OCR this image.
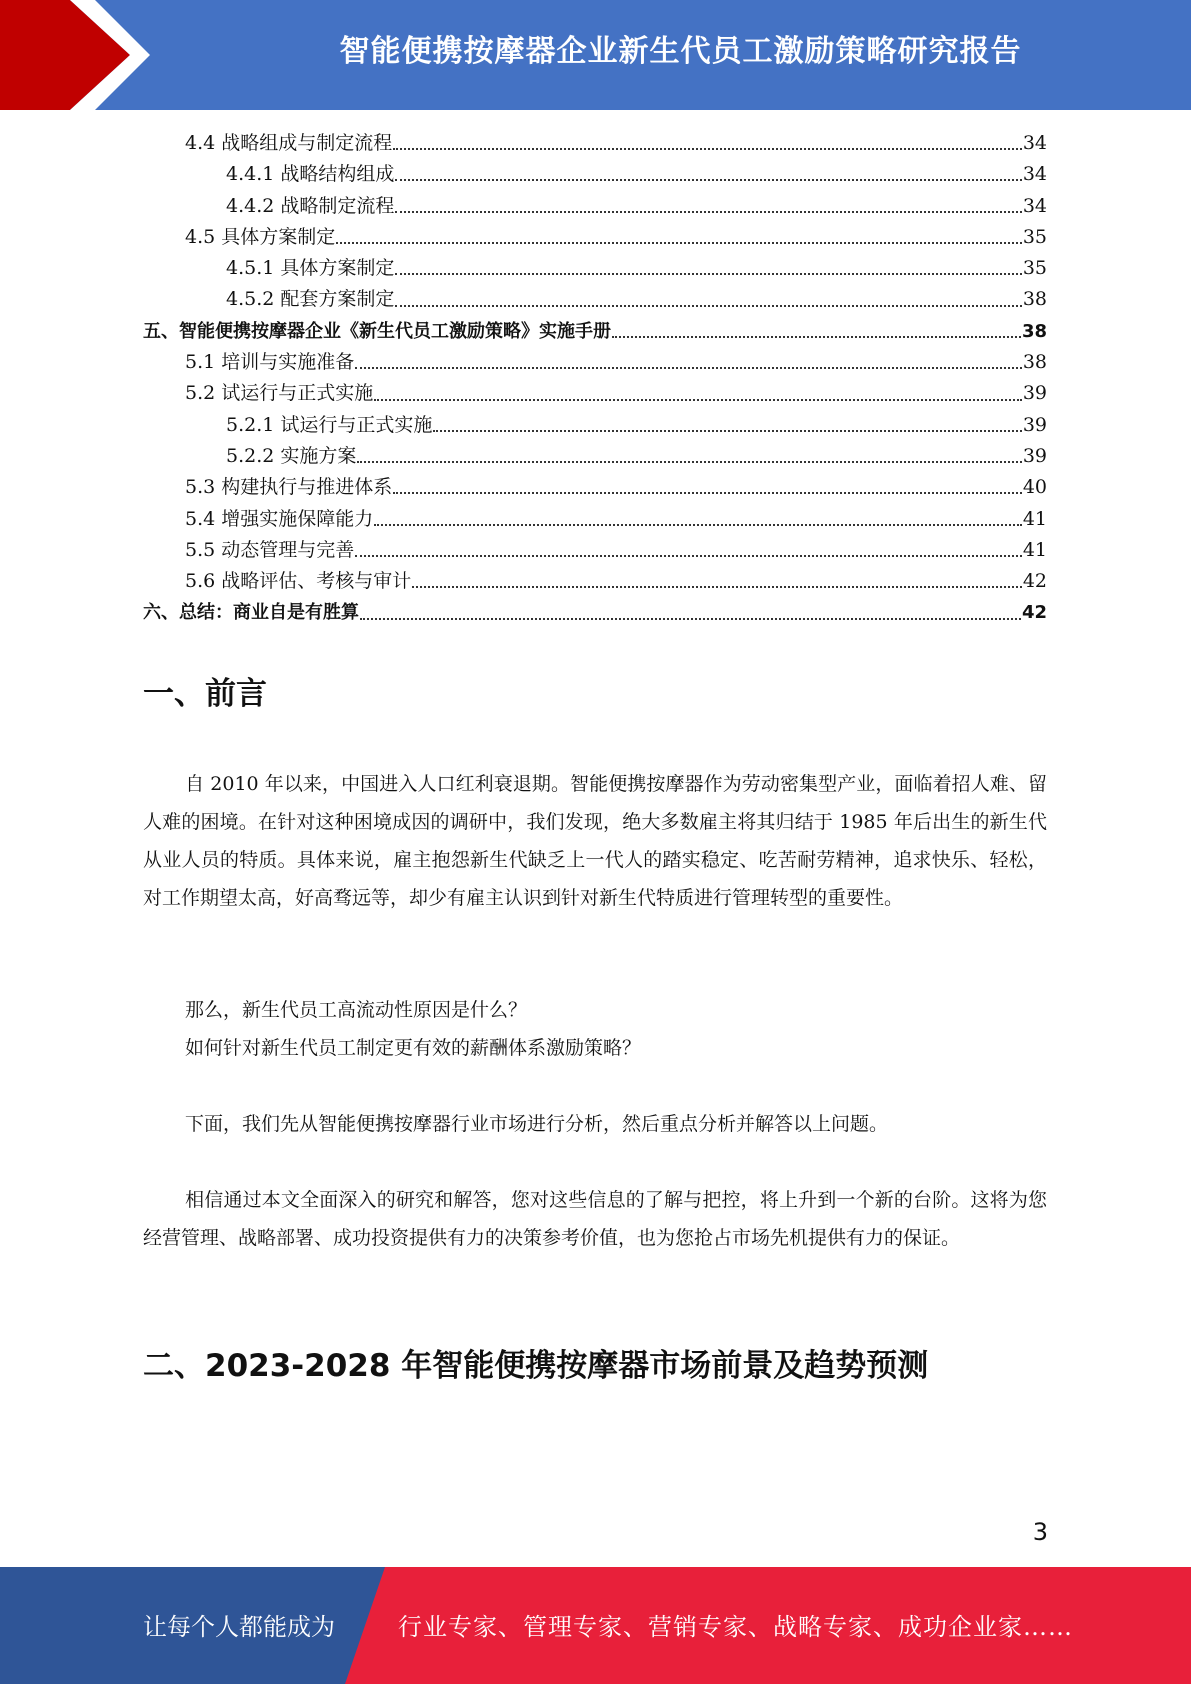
智能便携按摩器企业新生代员工激励策略研究报告
4.4 战略组成与制定流程	34
4.4.1 战略结构组成	34
4.4.2 战略制定流程	34
4.5 具体方案制定	35
4.5.1 具体方案制定	35
4.5.2 配套方案制定	38
五、智能便携按摩器企业《新生代员工激励策略》实施手册	38
5.1 培训与实施准备	38
5.2 试运行与正式实施	39
5.2.1 试运行与正式实施	39
5.2.2 实施方案	39
5.3 构建执行与推进体系	40
5.4 增强实施保障能力	41
5.5 动态管理与完善	41
5.6 战略评估、考核与审计	42
六、总结：商业自是有胜算	42
一、前言
自 2010 年以来，中国进入人口红利衰退期。智能便携按摩器作为劳动密集型产业，面临着招人难、留人难的困境。在针对这种困境成因的调研中，我们发现，绝大多数雇主将其归结于 1985 年后出生的新生代从业人员的特质。具体来说，雇主抱怨新生代缺乏上一代人的踏实稳定、吃苦耐劳精神，追求快乐、轻松，对工作期望太高，好高骛远等，却少有雇主认识到针对新生代特质进行管理转型的重要性。
那么，新生代员工高流动性原因是什么？
如何针对新生代员工制定更有效的薪酬体系激励策略？
下面，我们先从智能便携按摩器行业市场进行分析，然后重点分析并解答以上问题。
相信通过本文全面深入的研究和解答，您对这些信息的了解与把控，将上升到一个新的台阶。这将为您经营管理、战略部署、成功投资提供有力的决策参考价值，也为您抢占市场先机提供有力的保证。
二、2023-2028 年智能便携按摩器市场前景及趋势预测
3
让每个人都能成为	行业专家、管理专家、营销专家、战略专家、成功企业家……
